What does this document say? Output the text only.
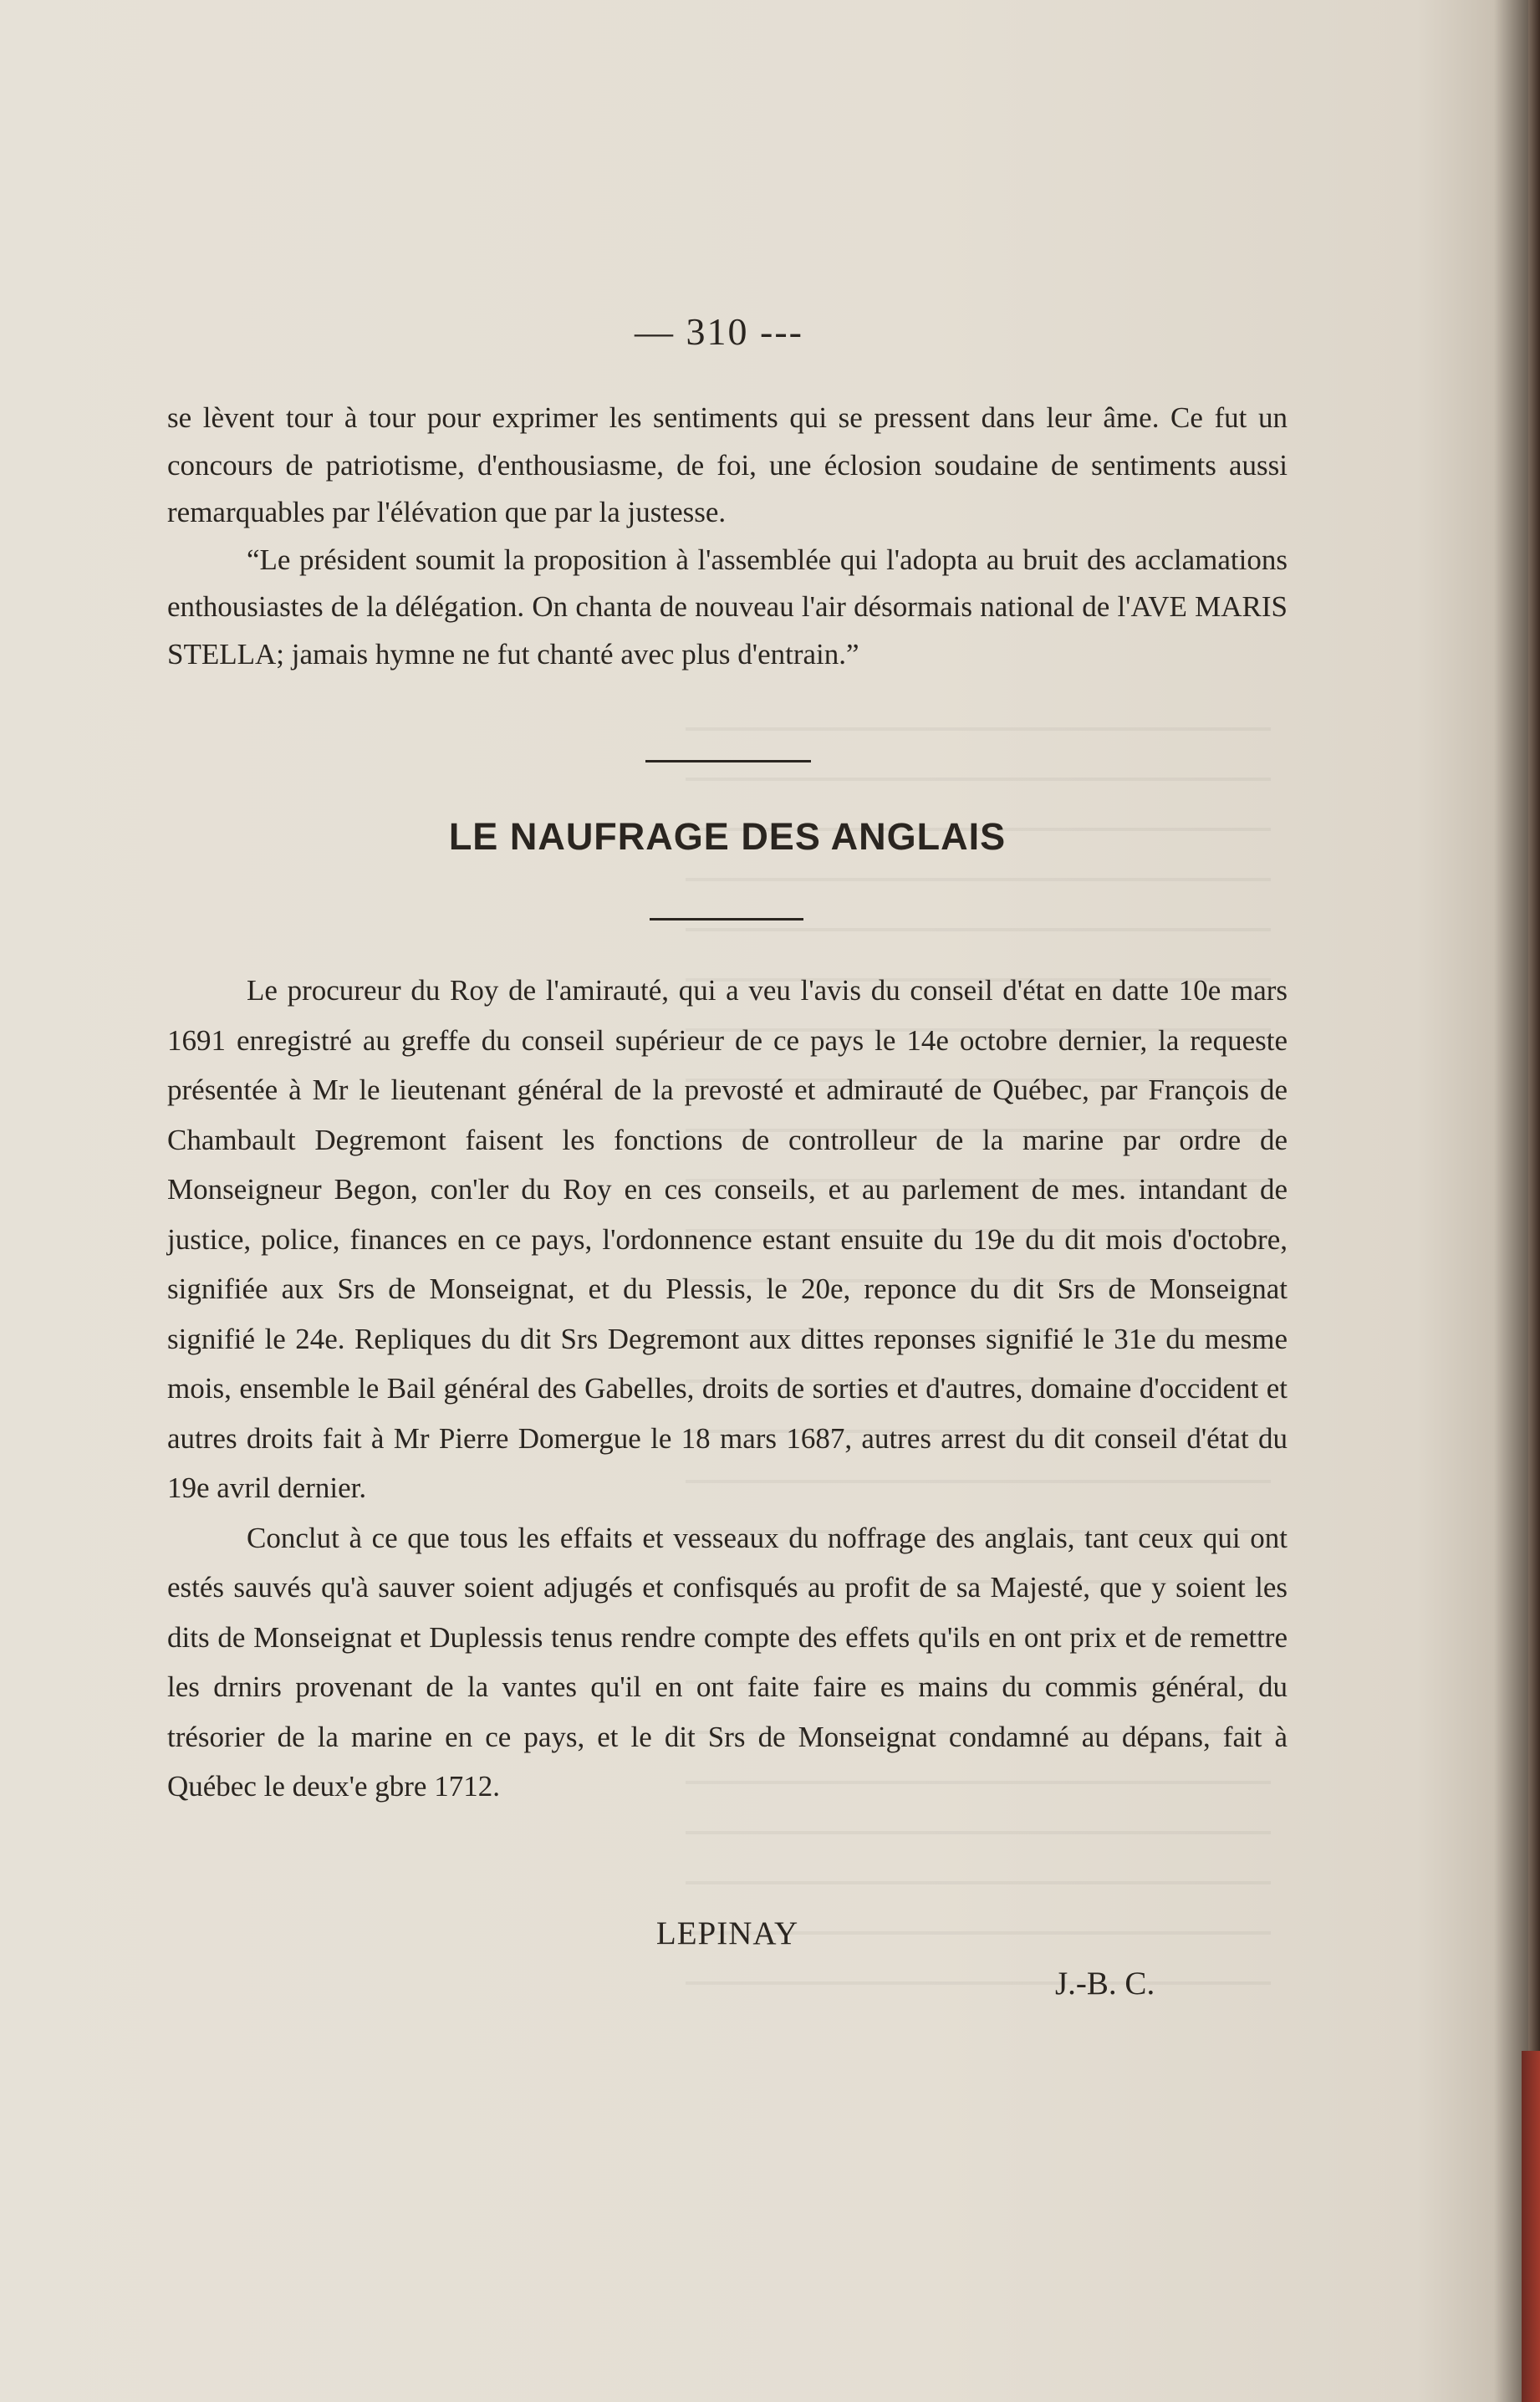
— 310 ---

se lèvent tour à tour pour exprimer les sentiments qui se pressent dans leur âme. Ce fut un concours de patriotisme, d'enthousiasme, de foi, une éclosion soudaine de sentiments aussi remarquables par l'élévation que par la justesse.

“Le président soumit la proposition à l'assemblée qui l'adopta au bruit des acclamations enthousiastes de la délégation. On chanta de nouveau l'air désormais national de l'AVE MARIS STELLA; jamais hymne ne fut chanté avec plus d'entrain.”

LE NAUFRAGE DES ANGLAIS

Le procureur du Roy de l'amirauté, qui a veu l'avis du conseil d'état en datte 10e mars 1691 enregistré au greffe du conseil supérieur de ce pays le 14e octobre dernier, la requeste présentée à Mr le lieutenant général de la prevosté et admirauté de Québec, par François de Chambault Degremont faisent les fonctions de controlleur de la marine par ordre de Monseigneur Begon, con'ler du Roy en ces conseils, et au parlement de mes. intandant de justice, police, finances en ce pays, l'ordonnence estant ensuite du 19e du dit mois d'octobre, signifiée aux Srs de Monseignat, et du Plessis, le 20e, reponce du dit Srs de Monseignat signifié le 24e. Repliques du dit Srs Degremont aux dittes reponses signifié le 31e du mesme mois, ensemble le Bail général des Gabelles, droits de sorties et d'autres, domaine d'occident et autres droits fait à Mr Pierre Domergue le 18 mars 1687, autres arrest du dit conseil d'état du 19e avril dernier.

Conclut à ce que tous les effaits et vesseaux du noffrage des anglais, tant ceux qui ont estés sauvés qu'à sauver soient adjugés et confisqués au profit de sa Majesté, que y soient les dits de Monseignat et Duplessis tenus rendre compte des effets qu'ils en ont prix et de remettre les drnirs provenant de la vantes qu'il en ont faite faire es mains du commis général, du trésorier de la marine en ce pays, et le dit Srs de Monseignat condamné au dépans, fait à Québec le deux'e gbre 1712.

LEPINAY
J.-B. C.
